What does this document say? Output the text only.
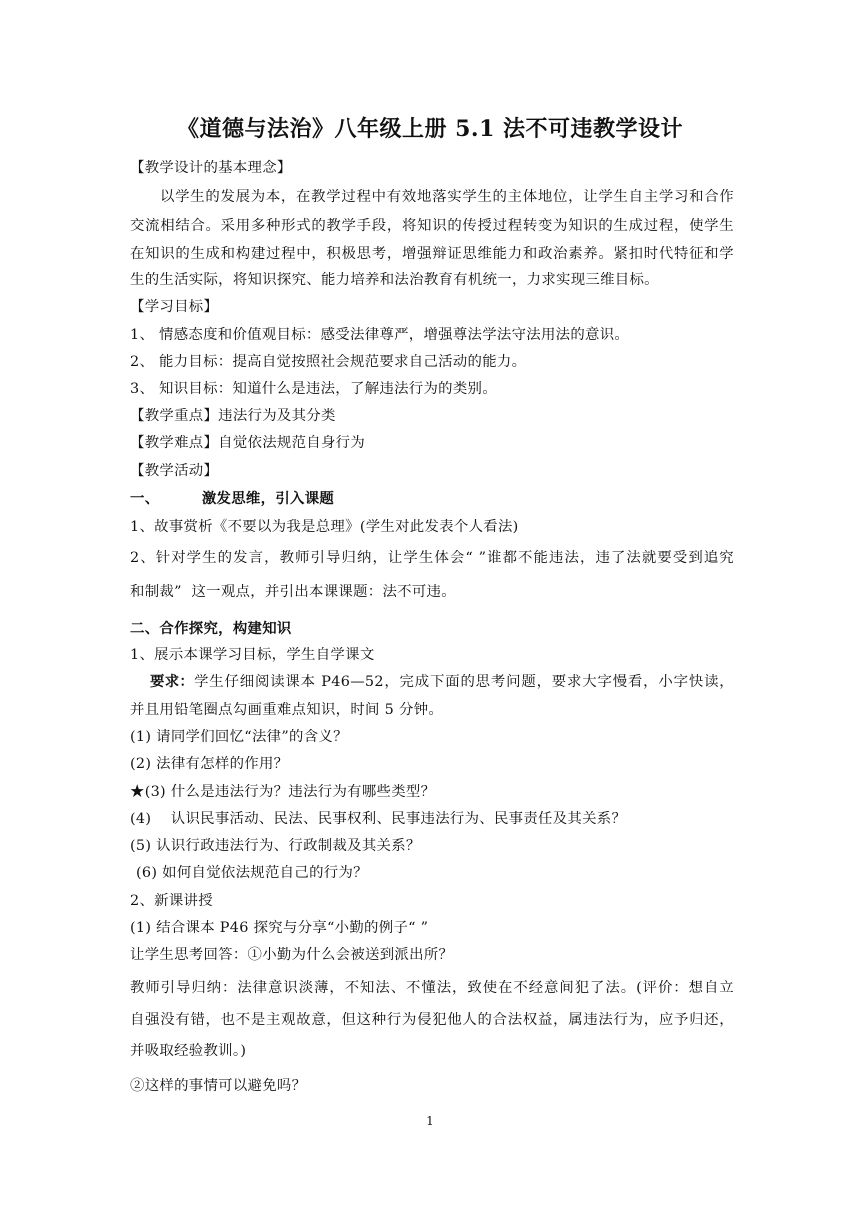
《道德与法治》八年级上册 5.1 法不可违教学设计
【教学设计的基本理念】
以学生的发展为本，在教学过程中有效地落实学生的主体地位，让学生自主学习和合作
交流相结合。采用多种形式的教学手段，将知识的传授过程转变为知识的生成过程，使学生
在知识的生成和构建过程中，积极思考，增强辩证思维能力和政治素养。紧扣时代特征和学
生的生活实际，将知识探究、能力培养和法治教育有机统一，力求实现三维目标。
【学习目标】
1、 情感态度和价值观目标：感受法律尊严，增强尊法学法守法用法的意识。
2、 能力目标：提高自觉按照社会规范要求自己活动的能力。
3、 知识目标：知道什么是违法，了解违法行为的类别。
【教学重点】违法行为及其分类
【教学难点】自觉依法规范自身行为
【教学活动】
一、        激发思维，引入课题
1、故事赏析《不要以为我是总理》(学生对此发表个人看法)
2、针对学生的发言，教师引导归纳，让学生体会“ ”谁都不能违法，违了法就要受到追究
和制裁”  这一观点，并引出本课课题：法不可违。
二、合作探究，构建知识
1、展示本课学习目标，学生自学课文
要求： 学生仔细阅读课本 P46—52，完成下面的思考问题，要求大字慢看，小字快读，
并且用铅笔圈点勾画重难点知识，时间 5 分钟。
(1) 请同学们回忆“法律”的含义？
(2) 法律有怎样的作用？
★(3) 什么是违法行为？违法行为有哪些类型？
(4)    认识民事活动、民法、民事权利、民事违法行为、民事责任及其关系？
(5) 认识行政违法行为、行政制裁及其关系？
(6) 如何自觉依法规范自己的行为？
2、新课讲授
(1) 结合课本 P46 探究与分享“小勤的例子“ ”
让学生思考回答：①小勤为什么会被送到派出所？
教师引导归纳：法律意识淡薄，不知法、不懂法，致使在不经意间犯了法。(评价：想自立
自强没有错，也不是主观故意，但这种行为侵犯他人的合法权益，属违法行为，应予归还，
并吸取经验教训。)
②这样的事情可以避免吗？
1
